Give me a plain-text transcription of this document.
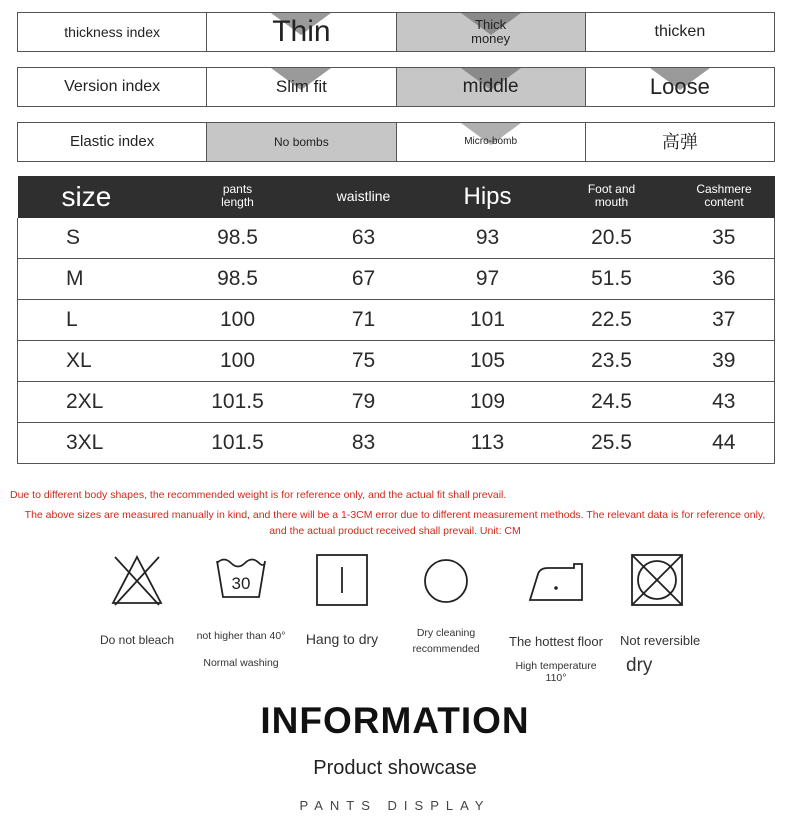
thickness index	Thin	Thick money	thicken
Version index	Slim fit	middle	Loose
Elastic index	No bombs	Micro-bomb	高弹
size	pants length	waistline	Hips	Foot and mouth	Cashmere content
S	98.5	63	93	20.5	35
M	98.5	67	97	51.5	36
L	100	71	101	22.5	37
XL	100	75	105	23.5	39
2XL	101.5	79	109	24.5	43
3XL	101.5	83	113	25.5	44
Due to different body shapes, the recommended weight is for reference only, and the actual fit shall prevail.
The above sizes are measured manually in kind, and there will be a 1-3CM error due to different measurement methods. The relevant data is for reference only, and the actual product received shall prevail. Unit: CM
Do not bleach
30
not higher than 40°
Normal washing
Hang to dry	Dry cleaning recommended	The hottest floor
High temperature 110°
Not reversible
dry
INFORMATION
Product showcase
PANTS DISPLAY
